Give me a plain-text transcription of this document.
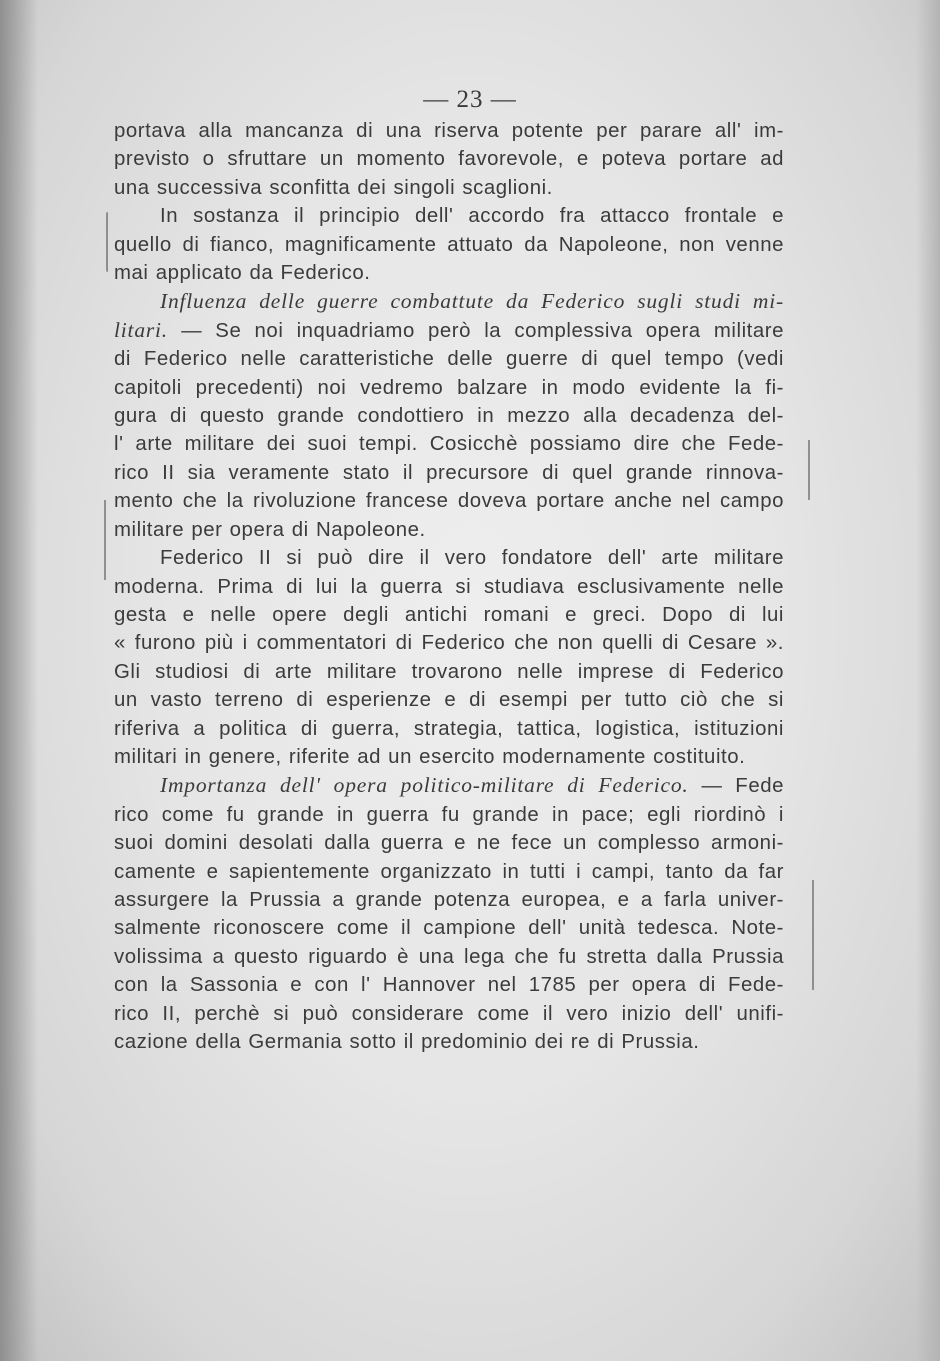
— 23 —
portava alla mancanza di una riserva potente per parare all' im-
previsto o sfruttare un momento favorevole, e poteva portare ad
una successiva sconfitta dei singoli scaglioni.
In sostanza il principio dell' accordo fra attacco frontale e
quello di fianco, magnificamente attuato da Napoleone, non venne
mai applicato da Federico.
Influenza delle guerre combattute da Federico sugli studi mi-
litari. — Se noi inquadriamo però la complessiva opera militare
di Federico nelle caratteristiche delle guerre di quel tempo (vedi
capitoli precedenti) noi vedremo balzare in modo evidente la fi-
gura di questo grande condottiero in mezzo alla decadenza del-
l' arte militare dei suoi tempi. Cosicchè possiamo dire che Fede-
rico II sia veramente stato il precursore di quel grande rinnova-
mento che la rivoluzione francese doveva portare anche nel campo
militare per opera di Napoleone.
Federico II si può dire il vero fondatore dell' arte militare
moderna. Prima di lui la guerra si studiava esclusivamente nelle
gesta e nelle opere degli antichi romani e greci. Dopo di lui
« furono più i commentatori di Federico che non quelli di Cesare ».
Gli studiosi di arte militare trovarono nelle imprese di Federico
un vasto terreno di esperienze e di esempi per tutto ciò che si
riferiva a politica di guerra, strategia, tattica, logistica, istituzioni
militari in genere, riferite ad un esercito modernamente costituito.
Importanza dell' opera politico-militare di Federico. — Fede
rico come fu grande in guerra fu grande in pace; egli riordinò i
suoi domini desolati dalla guerra e ne fece un complesso armoni-
camente e sapientemente organizzato in tutti i campi, tanto da far
assurgere la Prussia a grande potenza europea, e a farla univer-
salmente riconoscere come il campione dell' unità tedesca. Note-
volissima a questo riguardo è una lega che fu stretta dalla Prussia
con la Sassonia e con l' Hannover nel 1785 per opera di Fede-
rico II, perchè si può considerare come il vero inizio dell' unifi-
cazione della Germania sotto il predominio dei re di Prussia.
